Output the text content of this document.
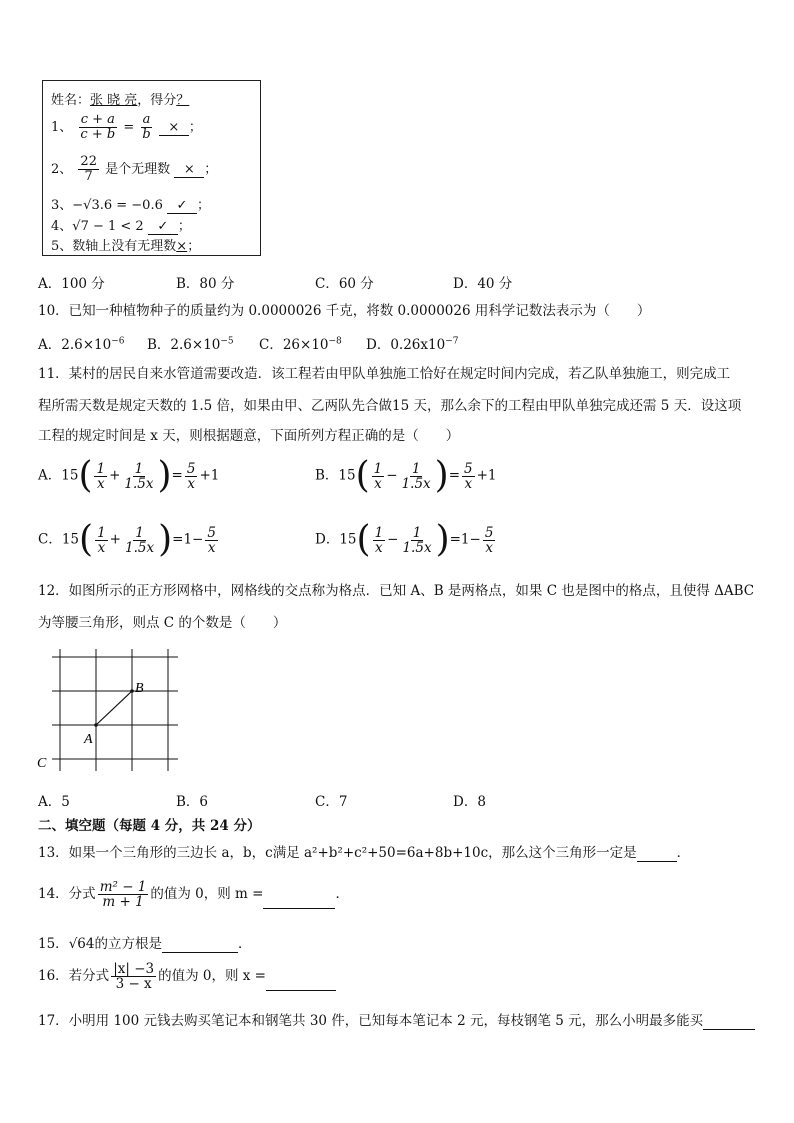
姓名：张 晓 亮，得分？
1、 $\frac{c + a}{c + b} = \frac{a}{b}$ × ；
2、 $\frac{22}{7}$ 是个无理数 × ；
3、−√3.6 = −0.6 ✓ ；
4、√7 − 1 < 2 ✓ ；
5、数轴上没有无理数×；
A．100 分	B．80 分	C．60 分	D．40 分
10．已知一种植物种子的质量约为 0.0000026 千克，将数 0.0000026 用科学记数法表示为（　　）
A．$2.6\times 10^{-6}$ B．$2.6\times 10^{-5}$ C．$26\times 10^{-8}$ D．$0.26x10^{-7}$
11．某村的居民自来水管道需要改造．该工程若由甲队单独施工恰好在规定时间内完成，若乙队单独施工，则完成工
程所需天数是规定天数的 1.5 倍，如果由甲、乙两队先合做15 天，那么余下的工程由甲队单独完成还需 5 天．设这项
工程的规定时间是 x 天，则根据题意，下面所列方程正确的是（　　）
A．$15( \frac{1}{x} + \frac{1}{1.5x}$ )= $\frac{5}{x} +1$	B．$15( \frac{1}{x} - \frac{1}{1.5x}$ )= $\frac{5}{x} +1$
C．$15( \frac{1}{x} + \frac{1}{1.5x} )=1- \frac{5}{x}$	D．$15( \frac{1}{x} - \frac{1}{1.5x} )=1- \frac{5}{x}$
12．如图所示的正方形网格中，网格线的交点称为格点．已知 A、B 是两格点，如果 C 也是图中的格点，且使得 ΔABC
为等腰三角形，则点 C 的个数是（　　）
A
B
C
A．5	B．6	C．7	D．8
二、填空题（每题 4 分，共 24 分）
13．如果一个三角形的三边长 a，b，c满足 a²+b²+c²+50=6a+8b+10c，那么这个三角形一定是	．
14．分式 $\frac{\text{m² − 1}}{m + 1}$ 的值为 0，则 m =	．
15．√64的立方根是	．
16．若分式 $\frac{|x| -3}{3 - x}$ 的值为 0，则 x =
17．小明用 100 元钱去购买笔记本和钢笔共 30 件，已知每本笔记本 2 元，每枝钢笔 5 元，那么小明最多能买
